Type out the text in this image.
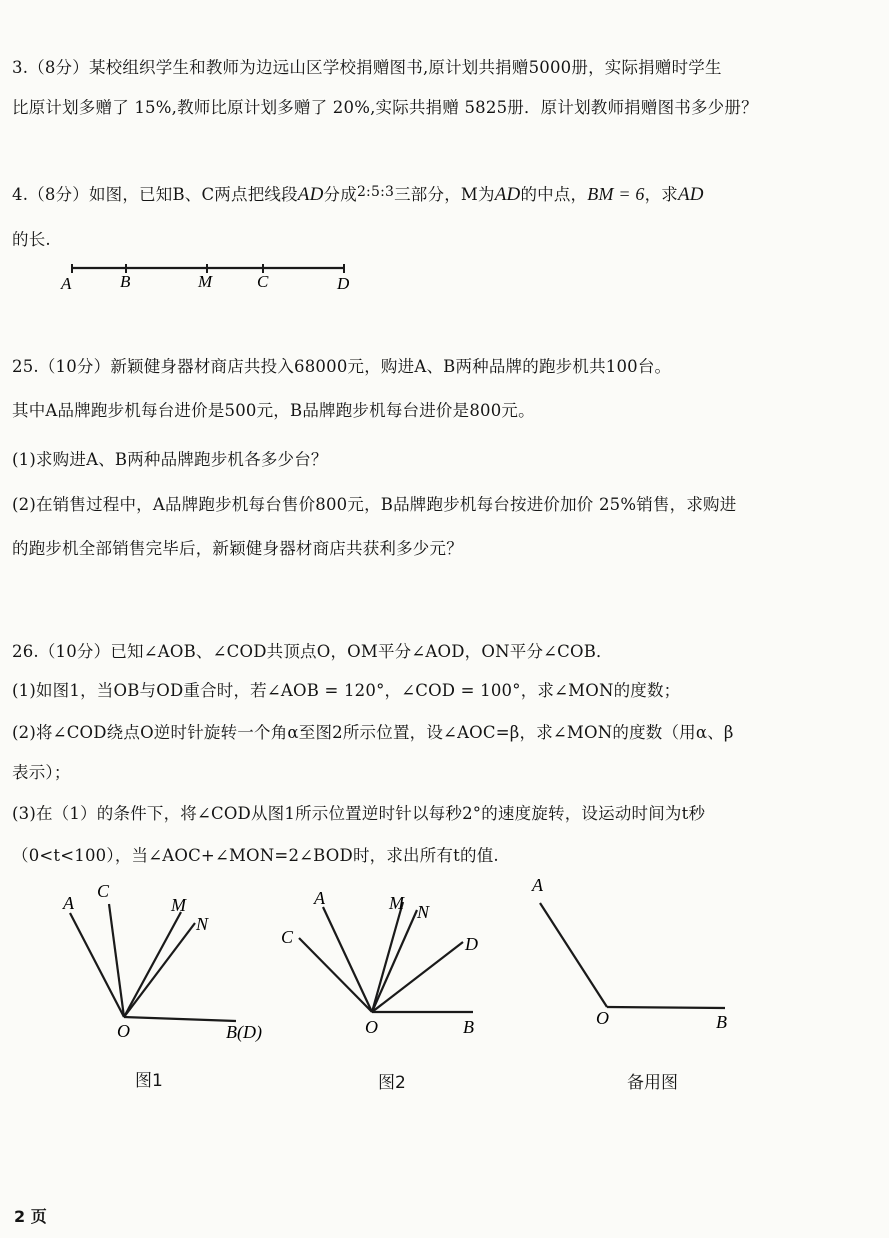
3.（8分）某校组织学生和教师为边远山区学校捐赠图书,原计划共捐赠5000册，实际捐赠时学生
比原计划多赠了 15%,教师比原计划多赠了 20%,实际共捐赠 5825册．原计划教师捐赠图书多少册？
4.（8分）如图，已知B、C两点把线段AD分成$^{2:5:3}$三部分，M为AD的中点，BM = 6，求AD
的长.
A	B	M	C	D
25.（10分）新颖健身器材商店共投入68000元，购进A、B两种品牌的跑步机共100台。
其中A品牌跑步机每台进价是500元，B品牌跑步机每台进价是800元。
(1)求购进A、B两种品牌跑步机各多少台？
(2)在销售过程中，A品牌跑步机每台售价800元，B品牌跑步机每台按进价加价 25%销售，求购进
的跑步机全部销售完毕后，新颖健身器材商店共获利多少元？
26.（10分）已知∠AOB、∠COD共顶点O，OM平分∠AOD，ON平分∠COB．
(1)如图1，当OB与OD重合时，若∠AOB = 120°，∠COD = 100°，求∠MON的度数；
(2)将∠COD绕点O逆时针旋转一个角α至图2所示位置，设∠AOC=β，求∠MON的度数（用α、β
表示）；
(3)在（1）的条件下，将∠COD从图1所示位置逆时针以每秒2°的速度旋转，设运动时间为t秒
（0<t<100），当∠AOC+∠MON=2∠BOD时，求出所有t的值.
A
C
M
N
O	B(D)
A	M N
C	D
O	B
A
O	B
图1	图2	备用图
2 页
